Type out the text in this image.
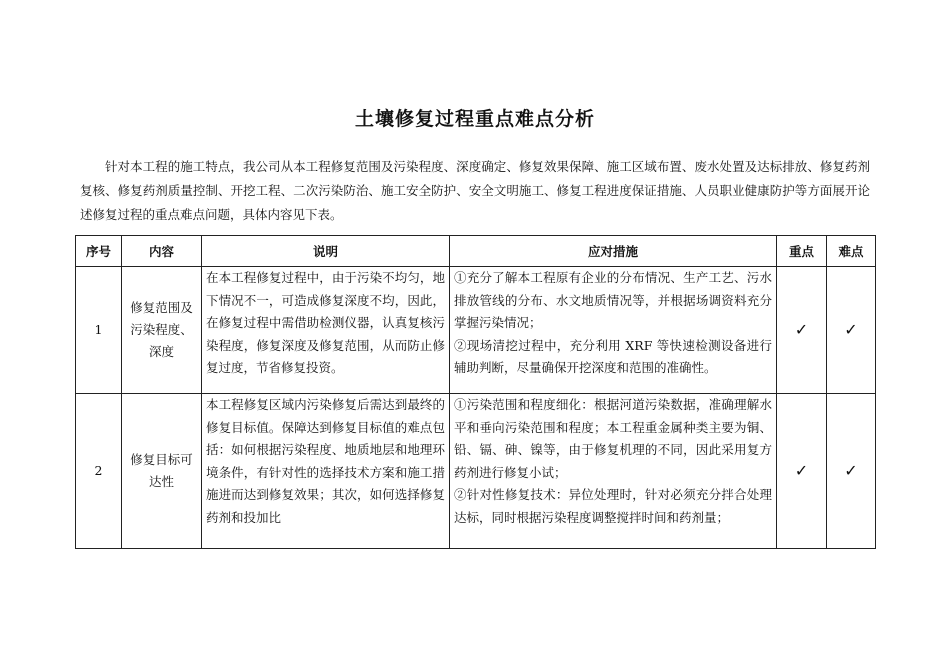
土壤修复过程重点难点分析
针对本工程的施工特点，我公司从本工程修复范围及污染程度、深度确定、修复效果保障、施工区域布置、废水处置及达标排放、修复药剂复核、修复药剂质量控制、开挖工程、二次污染防治、施工安全防护、安全文明施工、修复工程进度保证措施、人员职业健康防护等方面展开论述修复过程的重点难点问题，具体内容见下表。
序号	内容	说明	应对措施	重点	难点
1	修复范围及污染程度、深度	在本工程修复过程中，由于污染不均匀，地下情况不一，可造成修复深度不均，因此，在修复过程中需借助检测仪器，认真复核污染程度，修复深度及修复范围，从而防止修复过度，节省修复投资。	①充分了解本工程原有企业的分布情况、生产工艺、污水排放管线的分布、水文地质情况等，并根据场调资料充分掌握污染情况；
②现场清挖过程中，充分利用 XRF 等快速检测设备进行辅助判断，尽量确保开挖深度和范围的准确性。	✓	✓
2	修复目标可达性	本工程修复区域内污染修复后需达到最终的修复目标值。保障达到修复目标值的难点包括：如何根据污染程度、地质地层和地理环境条件，有针对性的选择技术方案和施工措施进而达到修复效果；其次，如何选择修复药剂和投加比	①污染范围和程度细化：根据河道污染数据，准确理解水平和垂向污染范围和程度；本工程重金属种类主要为铜、铅、镉、砷、镍等，由于修复机理的不同，因此采用复方药剂进行修复小试；
②针对性修复技术：异位处理时，针对必须充分拌合处理达标，同时根据污染程度调整搅拌时间和药剂量；	✓	✓
